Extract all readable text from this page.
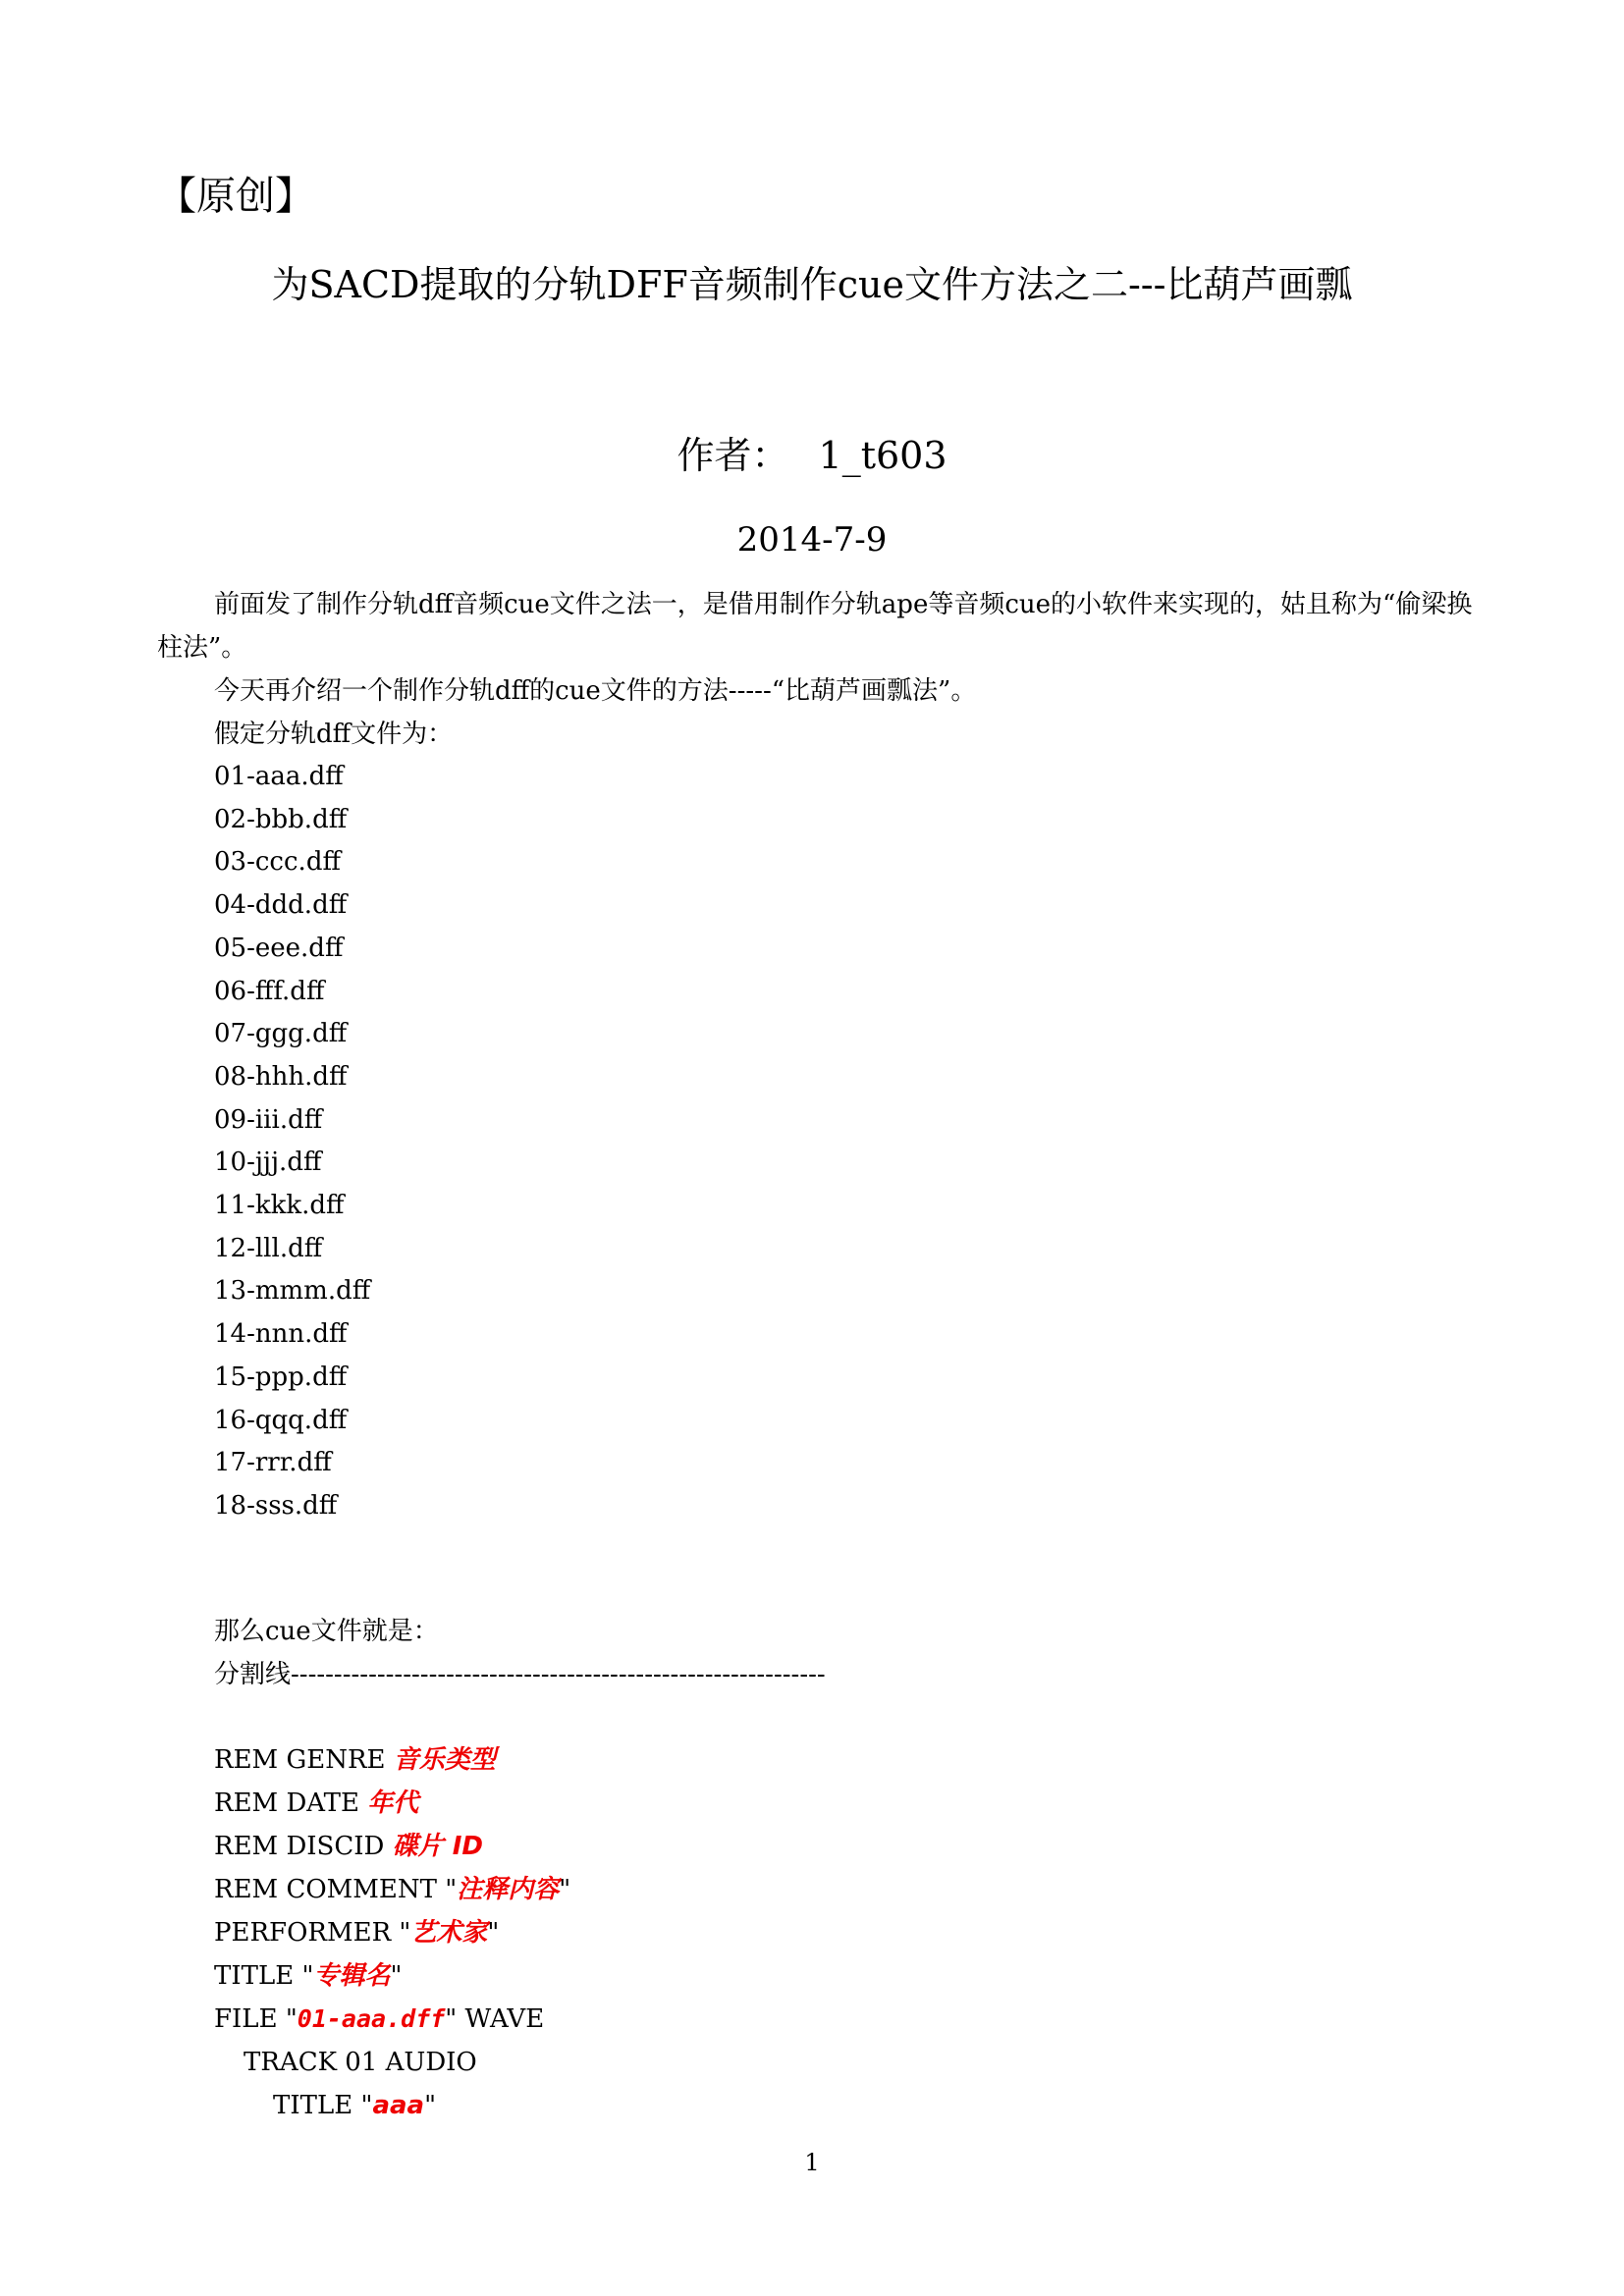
【原创】
为SACD提取的分轨DFF音频制作cue文件方法之二---比葫芦画瓢
作者： 1_t603
2014-7-9

前面发了制作分轨dff音频cue文件之法一，是借用制作分轨ape等音频cue的小软件来实现的，姑且称为“偷梁换柱法”。

今天再介绍一个制作分轨dff的cue文件的方法-----“比葫芦画瓢法”。
假定分轨dff文件为：
01-aaa.dff
02-bbb.dff
03-ccc.dff
04-ddd.dff
05-eee.dff
06-fff.dff
07-ggg.dff
08-hhh.dff
09-iii.dff
10-jjj.dff
11-kkk.dff
12-lll.dff
13-mmm.dff
14-nnn.dff
15-ppp.dff
16-qqq.dff
17-rrr.dff
18-sss.dff
那么cue文件就是：
分割线--------------------------------------------------------------
REM GENRE 音乐类型
REM DATE 年代
REM DISCID 碟片 ID
REM COMMENT "注释内容"
PERFORMER "艺术家"
TITLE "专辑名"
FILE "01-aaa.dff" WAVE
TRACK 01 AUDIO
TITLE "aaa"
1
